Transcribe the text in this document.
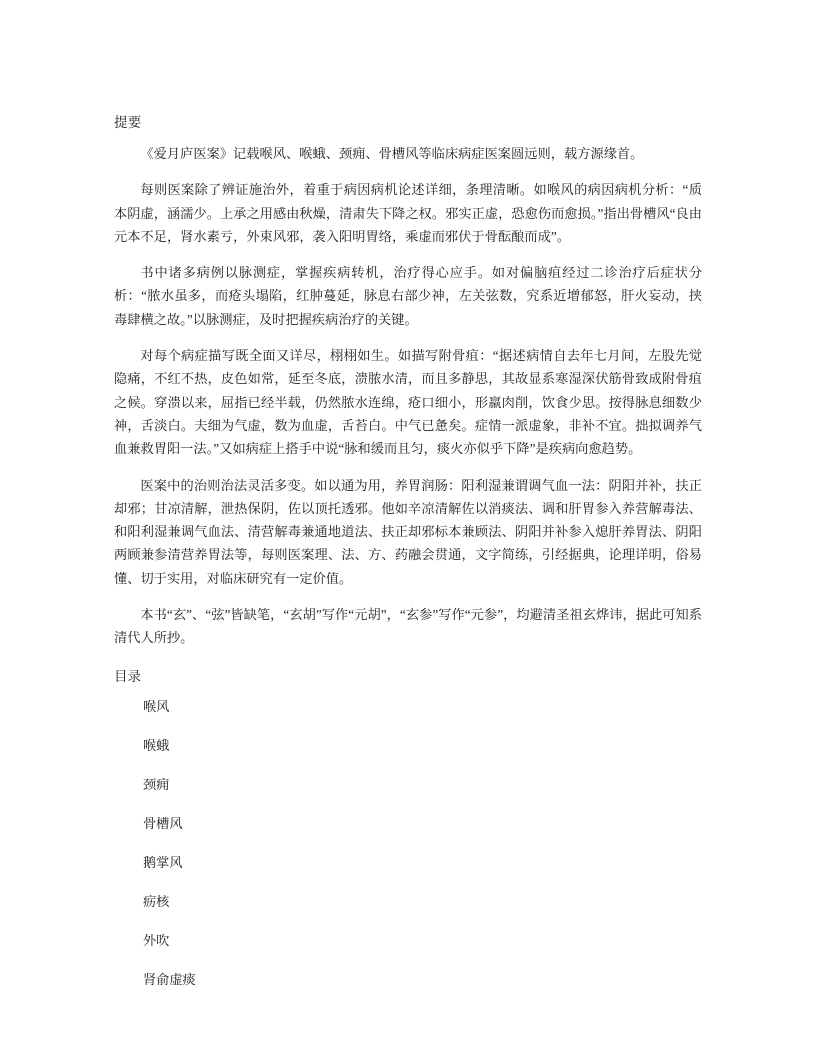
提要

《爱月庐医案》记载喉风、喉蛾、颈痈、骨槽风等临床病症医案圆远则，载方源缘首。

每则医案除了辨证施治外，着重于病因病机论述详细，条理清晰。如喉风的病因病机分析：“质本阴虚，涵濡少。上承之用感由秋燥，清肃失下降之权。邪实正虚，恐愈伤而愈损。”指出骨槽风“良由元本不足，肾水素亏，外束风邪，袭入阳明胃络，乘虚而邪伏于骨酝酿而成”。

书中诸多病例以脉测症，掌握疾病转机，治疗得心应手。如对偏脑疽经过二诊治疗后症状分析：“脓水虽多，而疮头塌陷，红肿蔓延，脉息右部少神，左关弦数，究系近增郁怒，肝火妄动，挟毒肆横之故。”以脉测症，及时把握疾病治疗的关键。

对每个病症描写既全面又详尽，栩栩如生。如描写附骨疽：“据述病情自去年七月间，左股先觉隐痛，不红不热，皮色如常，延至冬底，溃脓水清，而且多静思，其故显系寒湿深伏筋骨致成附骨疽之候。穿溃以来，屈指已经半载，仍然脓水连绵，疮口细小，形羸肉削，饮食少思。按得脉息细数少神，舌淡白。夫细为气虚，数为血虚，舌苔白。中气已惫矣。症情一派虚象，非补不宜。拙拟调养气血兼救胃阳一法。”又如病症上搭手中说“脉和缓而且匀，痰火亦似乎下降”是疾病向愈趋势。

医案中的治则治法灵活多变。如以通为用，养胃润肠：阳利湿兼谓调气血一法：阴阳并补，扶正却邪；甘凉清解，泄热保阴，佐以顶托透邪。他如辛凉清解佐以消痰法、调和肝胃参入养营解毒法、和阳利湿兼调气血法、清营解毒兼通地道法、扶正却邪标本兼顾法、阴阳并补参入熄肝养胃法、阴阳两顾兼参清营养胃法等，每则医案理、法、方、药融会贯通，文字简练，引经据典，论理详明，俗易懂、切于实用，对临床研究有一定价值。

本书“玄”、“弦”皆缺笔，“玄胡”写作“元胡”，“玄参”写作“元参”，均避清圣祖玄烨讳，据此可知系清代人所抄。

目录
喉风
喉蛾
颈痈
骨槽风
鹅掌风
疬核
外吹
肾俞虚痰
